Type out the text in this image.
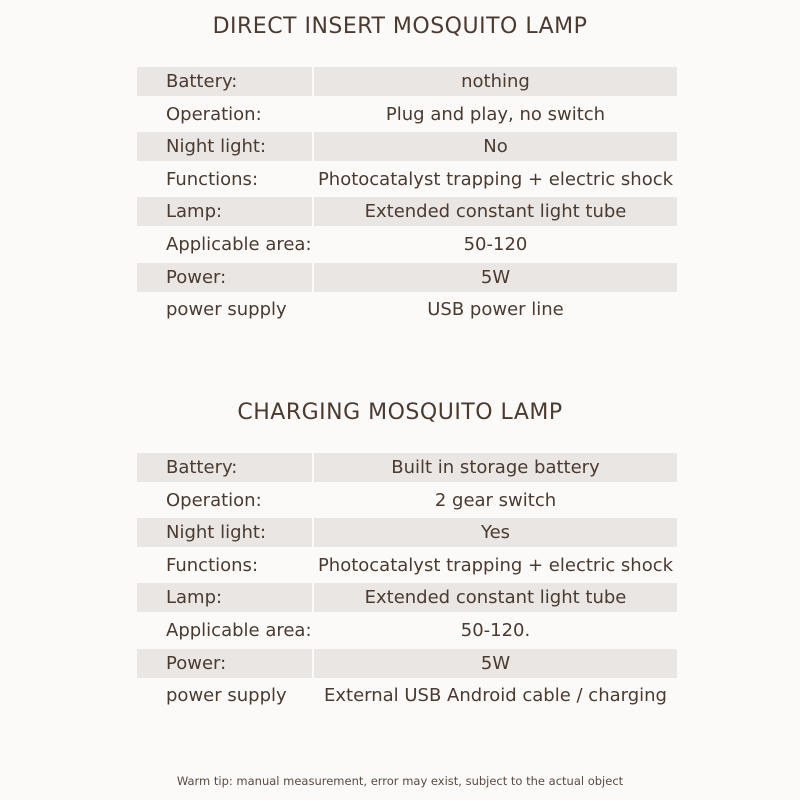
DIRECT INSERT MOSQUITO LAMP
Battery:	nothing
Operation:	Plug and play, no switch
Night light:	No
Functions:	Photocatalyst trapping + electric shock
Lamp:	Extended constant light tube
Applicable area:	50-120
Power:	5W
power supply	USB power line
CHARGING MOSQUITO LAMP
Battery:	Built in storage battery
Operation:	2 gear switch
Night light:	Yes
Functions:	Photocatalyst trapping + electric shock
Lamp:	Extended constant light tube
Applicable area:	50-120.
Power:	5W
power supply	External USB Android cable / charging
Warm tip: manual measurement, error may exist, subject to the actual object
